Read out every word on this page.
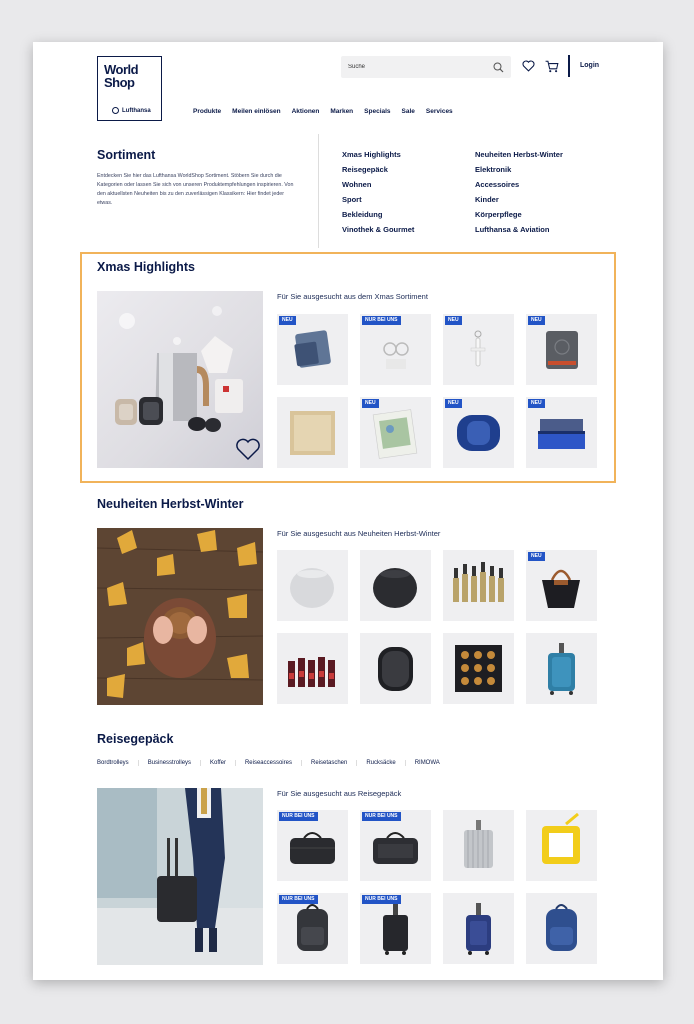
World
Shop
Lufthansa
Suche
Login
Produkte Meilen einlösen Aktionen Marken Specials Sale Services
Sortiment
Entdecken Sie hier das Lufthansa WorldShop Sortiment. Stöbern Sie durch die Kategorien oder lassen Sie sich von unseren Produktempfehlungen inspirieren. Von den aktuellsten Neuheiten bis zu den zuverlässigen Klassikern: Hier findet jeder etwas.
Xmas Highlights
Reisegepäck
Wohnen
Sport
Bekleidung
Vinothek & Gourmet
Neuheiten Herbst-Winter
Elektronik
Accessoires
Kinder
Körperpflege
Lufthansa & Aviation
Xmas Highlights
Für Sie ausgesucht aus dem Xmas Sortiment
NEU	NUR BEI UNS	NEU	NEU
NEU	NEU	NEU
Neuheiten Herbst-Winter
Für Sie ausgesucht aus Neuheiten Herbst-Winter
NEU
Reisegepäck
Bordtrolleys	Businesstrolleys	Koffer	Reiseaccessoires	Reisetaschen	Rucksäcke	RIMOWA
Für Sie ausgesucht aus Reisegepäck
NUR BEI UNS	NUR BEI UNS
NUR BEI UNS	NUR BEI UNS
